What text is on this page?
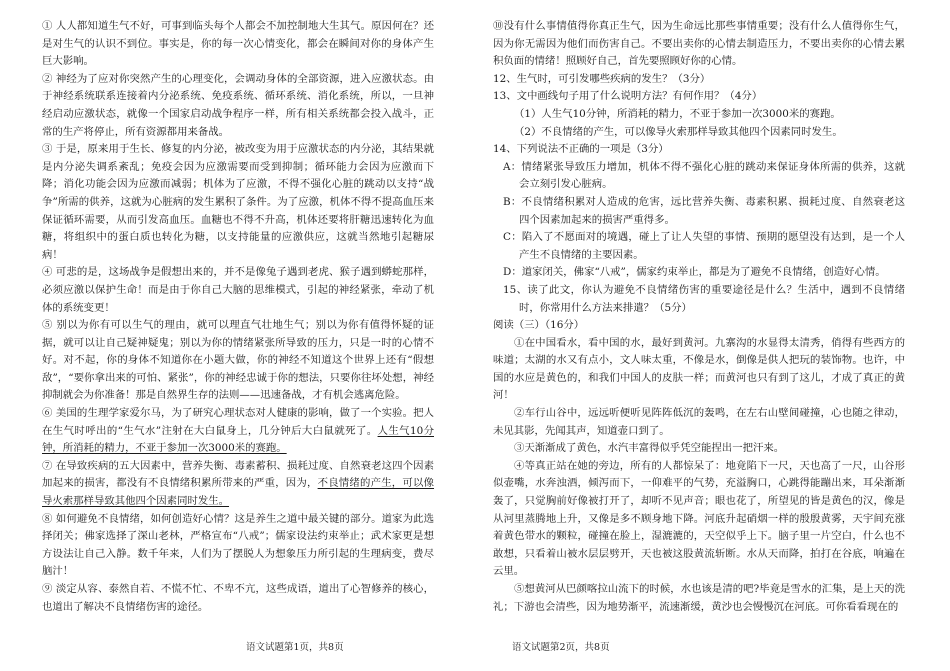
① 人人都知道生气不好，可事到临头每个人都会不加控制地大生其气。原因何在？还是对生气的认识不到位。事实是，你的每一次心情变化，都会在瞬间对你的身体产生巨大影响。

② 神经为了应对你突然产生的心理变化，会调动身体的全部资源，进入应激状态。由于神经系统联系连接着内分泌系统、免疫系统、循环系统、消化系统，所以，一旦神经启动应激状态，就像一个国家启动战争程序一样，所有相关系统都会投入战斗，正常的生产将停止，所有资源都用来备战。

③ 于是，原来用于生长、修复的内分泌，被改变为用于应激状态的内分泌，其结果就是内分泌失调系紊乱；免疫会因为应激需要而受到抑制；循环能力会因为应激而下降；消化功能会因为应激而减弱；机体为了应激，不得不强化心脏的跳动以支持“战争”所需的供养，这就为心脏病的发生累积了条件。为了应激，机体不得不提高血压来保证循环需要，从而引发高血压。血糖也不得不升高，机体还要将肝糖迅速转化为血糖，将组织中的蛋白质也转化为糖，以支持能量的应激供应，这就当然地引起糖尿病！

④ 可悲的是，这场战争是假想出来的，并不是像兔子遇到老虎、猴子遇到蟒蛇那样，必须应激以保护生命！而是由于你自己大脑的思维模式，引起的神经紧张，牵动了机体的系统变更！

⑤ 别以为你有可以生气的理由，就可以理直气壮地生气；别以为你有值得怀疑的证据，就可以让自己疑神疑鬼；别以为你的情绪紧张所导致的压力，只是一时的心情不好。对不起，你的身体不知道你在小题大做，你的神经不知道这个世界上还有“假想敌”，“要你拿出来的可怕、紧张”，你的神经忠诚于你的想法，只要你往坏处想，神经抑制就会为你准备！那是自然界生存的法则——迅速备战，才有机会逃离危险。

⑥ 美国的生理学家爱尔马，为了研究心理状态对人健康的影响，做了一个实验。把人在生气时呼出的“生气水”注射在大白鼠身上，几分钟后大白鼠就死了。人生气10分钟，所消耗的精力，不亚于参加一次3000米的赛跑。

⑦ 在导致疾病的五大因素中，营养失衡、毒素蓄积、损耗过度、自然衰老这四个因素加起来的损害，都没有不良情绪积累所带来的严重，因为，不良情绪的产生，可以像导火索那样导致其他四个因素同时发生。

⑧ 如何避免不良情绪，如何创造好心情？这是养生之道中最关键的部分。道家为此选择闭关；佛家选择了深山老林，严格宣布“八戒”；儒家设法约束举止；武术家更是想方设法让自己入静。数千年来，人们为了摆脱人为想象压力所引起的生理病变，费尽脑汁！

⑨ 淡定从容、泰然自若、不慌不忙、不卑不亢，这些成语，道出了心智修养的核心，也道出了解决不良情绪伤害的途径。

⑩没有什么事情值得你真正生气，因为生命远比那些事情重要；没有什么人值得你生气，因为你无需因为他们而伤害自己。不要出卖你的心情去制造压力，不要出卖你的心情去累积负面的情绪！照顾好自己，首先要照顾好你的心情。

12、生气时，可引发哪些疾病的发生？（3分）

13、文中画线句子用了什么说明方法？有何作用？（4分）

（1）人生气10分钟，所消耗的精力，不亚于参加一次3000米的赛跑。

（2）不良情绪的产生，可以像导火索那样导致其他四个因素同时发生。

14、下列说法不正确的一项是（3分）

A：情绪紧张导致压力增加，机体不得不强化心脏的跳动来保证身体所需的供养，这就会立刻引发心脏病。

B：不良情绪积累对人造成的危害，远比营养失衡、毒素积累、损耗过度、自然衰老这四个因素加起来的损害严重得多。

C：陷入了不愿面对的境遇，碰上了让人失望的事情、预期的愿望没有达到，是一个人产生不良情绪的主要因素。

D：道家闭关，佛家“八戒”，儒家约束举止，都是为了避免不良情绪，创造好心情。

15、读了此文，你认为避免不良情绪伤害的重要途径是什么？生活中，遇到不良情绪时，你常用什么方法来排遣？（5分）

阅读（三）（16分）

①在中国看水，看中国的水，最好到黄河。九寨沟的水显得太清秀，俏得有些西方的味道；太湖的水又有点小，文人味太重，不像是水，倒像是供人把玩的装饰物。也许，中国的水应是黄色的，和我们中国人的皮肤一样；而黄河也只有到了这儿，才成了真正的黄河！

②车行山谷中，远远听便听见阵阵低沉的轰鸣，在左右山壁间碰撞，心也随之律动，未见其影，先闻其声，知道壶口到了。

③天渐渐成了黄色，水汽丰富得似乎凭空能捏出一把汗来。

④等真正站在她的旁边，所有的人都惊呆了：地竟陷下一尺，天也高了一尺，山谷形似壶嘴，水奔浊酒，倾泻而下，一仰难平的气势，充溢胸口，心跳得能蹦出来，耳朵渐渐轰了，只觉胸前好像被打开了，却听不见声音；眼也花了，所望见的皆是黄色的汉，像是从河里蒸腾地上升，又像是多不顾身地下降。河底升起硝烟一样的殷殷黄雾，天宇间充涨着黄色带水的颗粒，碰撞在脸上，湿漉漉的，天空似乎上下。脑子里一片空白，什么也不敢想，只看着山被水层层劈开，天也被这股黄流斩断。水从天而降，拍打在谷底，响遍在云里。

⑤想黄河从巴颜喀拉山流下的时候，水也该是清的吧?毕竟是雪水的汇集，是上天的洗礼；下游也会清些，因为地势渐平，流速渐缓，黄沙也会慢慢沉在河底。可你看看现在的

语文试题第1页，共8页	语文试题第2页，共8页
